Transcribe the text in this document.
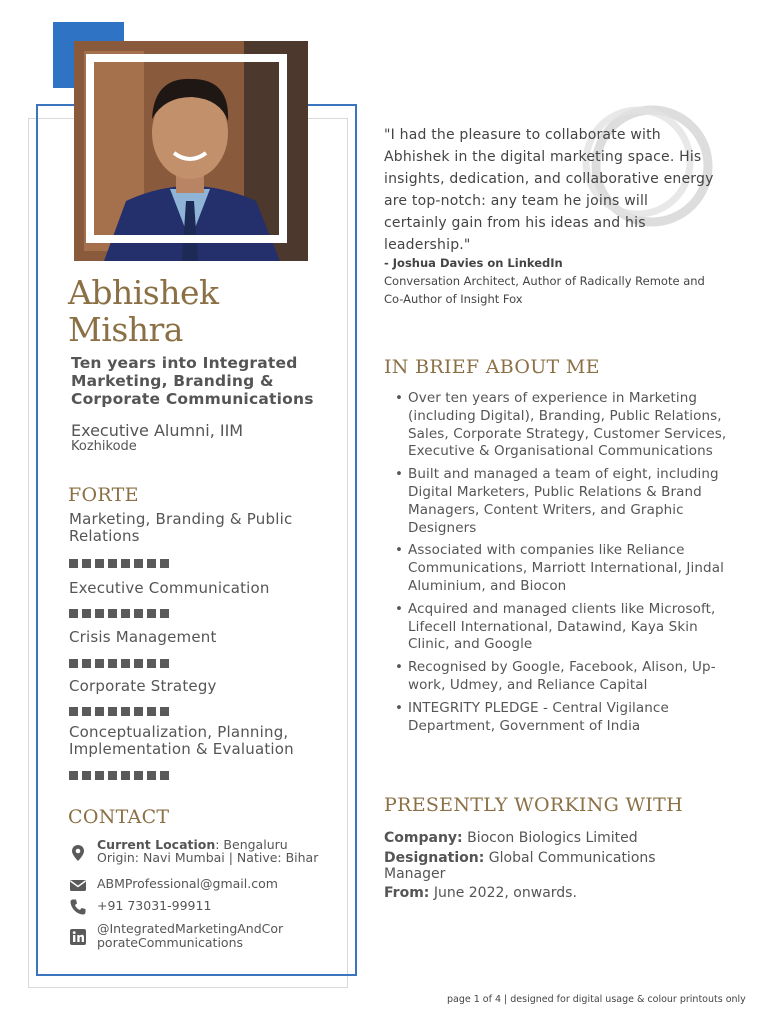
Abhishek
Mishra
Ten years into Integrated Marketing, Branding & Corporate Communications
Executive Alumni, IIM
Kozhikode
FORTE
Marketing, Branding & Public Relations
Executive Communication
Crisis Management
Corporate Strategy
Conceptualization, Planning, Implementation & Evaluation
CONTACT
Current Location: Bengaluru
Origin: Navi Mumbai | Native: Bihar
ABMProfessional@gmail.com
+91 73031-99911
@IntegratedMarketingAndCor
porateCommunications
"I had the pleasure to collaborate with Abhishek in the digital marketing space. His insights, dedication, and collaborative energy are top-notch: any team he joins will certainly gain from his ideas and his leadership."
- Joshua Davies on LinkedIn
Conversation Architect, Author of Radically Remote and Co-Author of Insight Fox
IN BRIEF ABOUT ME
• Over ten years of experience in Marketing (including Digital), Branding, Public Relations, Sales, Corporate Strategy, Customer Services, Executive & Organisational Communications
• Built and managed a team of eight, including Digital Marketers, Public Relations & Brand Managers, Content Writers, and Graphic Designers
• Associated with companies like Reliance Communications, Marriott International, Jindal Aluminium, and Biocon
• Acquired and managed clients like Microsoft, Lifecell International, Datawind, Kaya Skin Clinic, and Google
• Recognised by Google, Facebook, Alison, Up-work, Udmey, and Reliance Capital
• INTEGRITY PLEDGE - Central Vigilance Department, Government of India
PRESENTLY WORKING WITH
Company: Biocon Biologics Limited
Designation: Global Communications Manager
From: June 2022, onwards.
page 1 of 4 | designed for digital usage & colour printouts only
